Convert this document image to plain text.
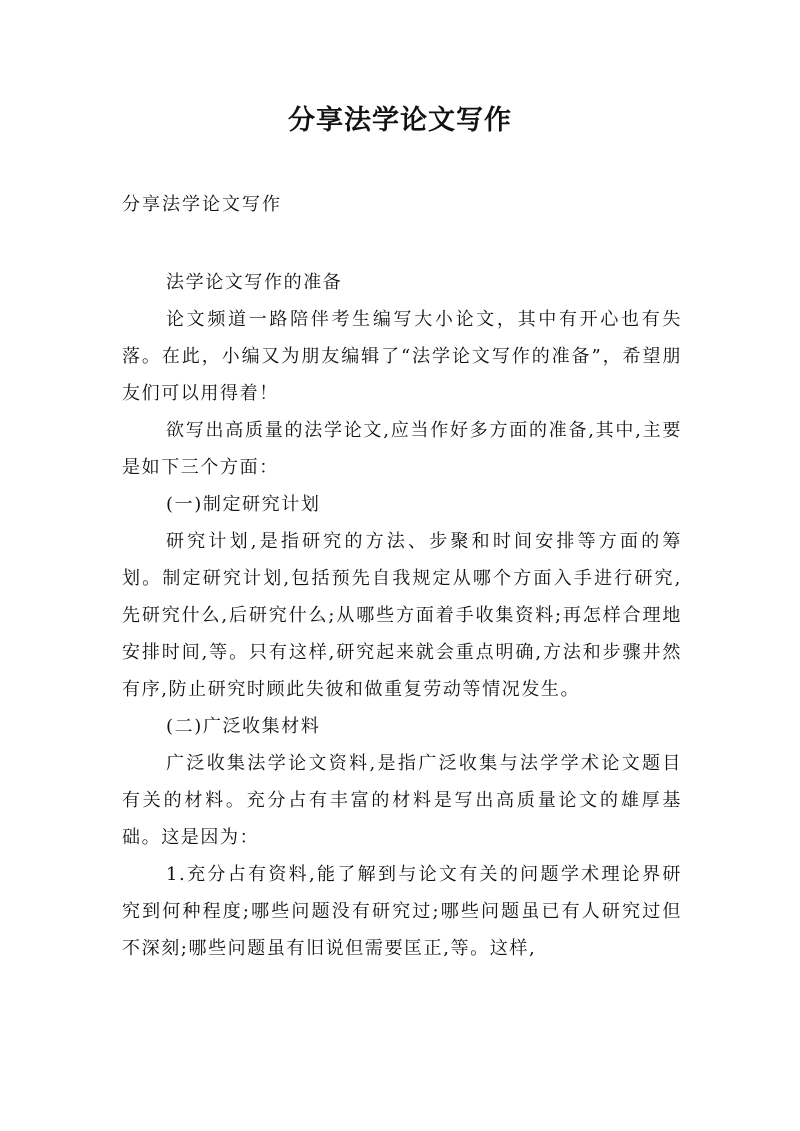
分享法学论文写作

分享法学论文写作

法学论文写作的准备

论文频道一路陪伴考生编写大小论文，其中有开心也有失落。在此，小编又为朋友编辑了“法学论文写作的准备”，希望朋友们可以用得着！

欲写出高质量的法学论文,应当作好多方面的准备,其中,主要是如下三个方面：

(一)制定研究计划

研究计划,是指研究的方法、步聚和时间安排等方面的筹划。制定研究计划,包括预先自我规定从哪个方面入手进行研究,先研究什么,后研究什么;从哪些方面着手收集资料;再怎样合理地安排时间,等。只有这样,研究起来就会重点明确,方法和步骤井然有序,防止研究时顾此失彼和做重复劳动等情况发生。

(二)广泛收集材料

广泛收集法学论文资料,是指广泛收集与法学学术论文题目有关的材料。充分占有丰富的材料是写出高质量论文的雄厚基础。这是因为：

1.充分占有资料,能了解到与论文有关的问题学术理论界研究到何种程度;哪些问题没有研究过;哪些问题虽已有人研究过但不深刻;哪些问题虽有旧说但需要匡正,等。这样,
